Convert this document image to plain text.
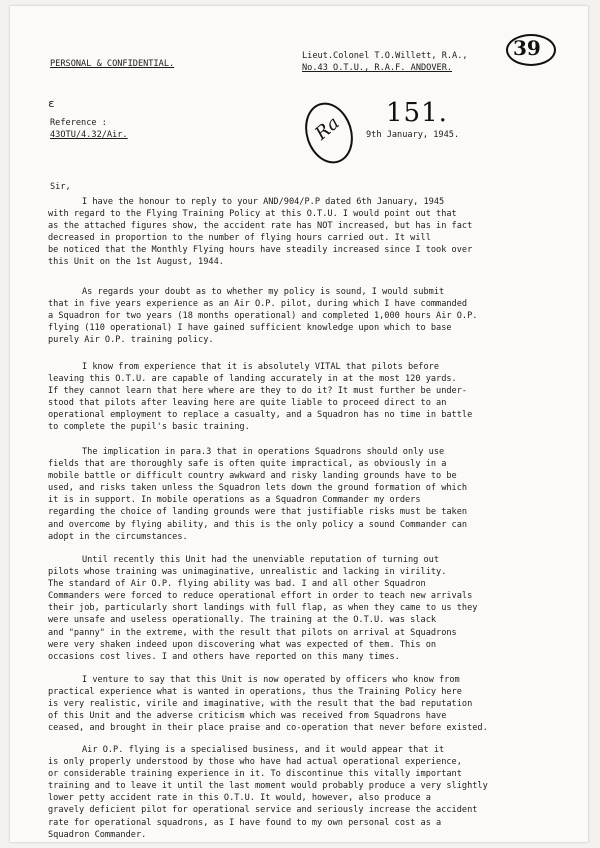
PERSONAL & CONFIDENTIAL.
Lieut.Colonel T.O.Willett, R.A.,
No.43 O.T.U., R.A.F. ANDOVER.
39
151.
Ra
ɛ
Reference :
43OTU/4.32/Air.	9th January, 1945.
Sir,
I have the honour to reply to your AND/904/P.P dated 6th January, 1945
with regard to the Flying Training Policy at this O.T.U. I would point out that
as the attached figures show, the accident rate has NOT increased, but has in fact
decreased in proportion to the number of flying hours carried out. It will
be noticed that the Monthly Flying hours have steadily increased since I took over
this Unit on the 1st August, 1944.
As regards your doubt as to whether my policy is sound, I would submit
that in five years experience as an Air O.P. pilot, during which I have commanded
a Squadron for two years (18 months operational) and completed 1,000 hours Air O.P.
flying (110 operational) I have gained sufficient knowledge upon which to base
purely Air O.P. training policy.
I know from experience that it is absolutely VITAL that pilots before
leaving this O.T.U. are capable of landing accurately in at the most 120 yards.
If they cannot learn that here where are they to do it? It must further be under-
stood that pilots after leaving here are quite liable to proceed direct to an
operational employment to replace a casualty, and a Squadron has no time in battle
to complete the pupil's basic training.
The implication in para.3 that in operations Squadrons should only use
fields that are thoroughly safe is often quite impractical, as obviously in a
mobile battle or difficult country awkward and risky landing grounds have to be
used, and risks taken unless the Squadron lets down the ground formation of which
it is in support. In mobile operations as a Squadron Commander my orders
regarding the choice of landing grounds were that justifiable risks must be taken
and overcome by flying ability, and this is the only policy a sound Commander can
adopt in the circumstances.
Until recently this Unit had the unenviable reputation of turning out
pilots whose training was unimaginative, unrealistic and lacking in virility.
The standard of Air O.P. flying ability was bad. I and all other Squadron
Commanders were forced to reduce operational effort in order to teach new arrivals
their job, particularly short landings with full flap, as when they came to us they
were unsafe and useless operationally. The training at the O.T.U. was slack
and "panny" in the extreme, with the result that pilots on arrival at Squadrons
were very shaken indeed upon discovering what was expected of them. This on
occasions cost lives. I and others have reported on this many times.
I venture to say that this Unit is now operated by officers who know from
practical experience what is wanted in operations, thus the Training Policy here
is very realistic, virile and imaginative, with the result that the bad reputation
of this Unit and the adverse criticism which was received from Squadrons have
ceased, and brought in their place praise and co-operation that never before existed.
Air O.P. flying is a specialised business, and it would appear that it
is only properly understood by those who have had actual operational experience,
or considerable training experience in it. To discontinue this vitally important
training and to leave it until the last moment would probably produce a very slightly
lower petty accident rate in this O.T.U. It would, however, also produce a
gravely deficient pilot for operational service and seriously increase the accident
rate for operational squadrons, as I have found to my own personal cost as a
Squadron Commander.
